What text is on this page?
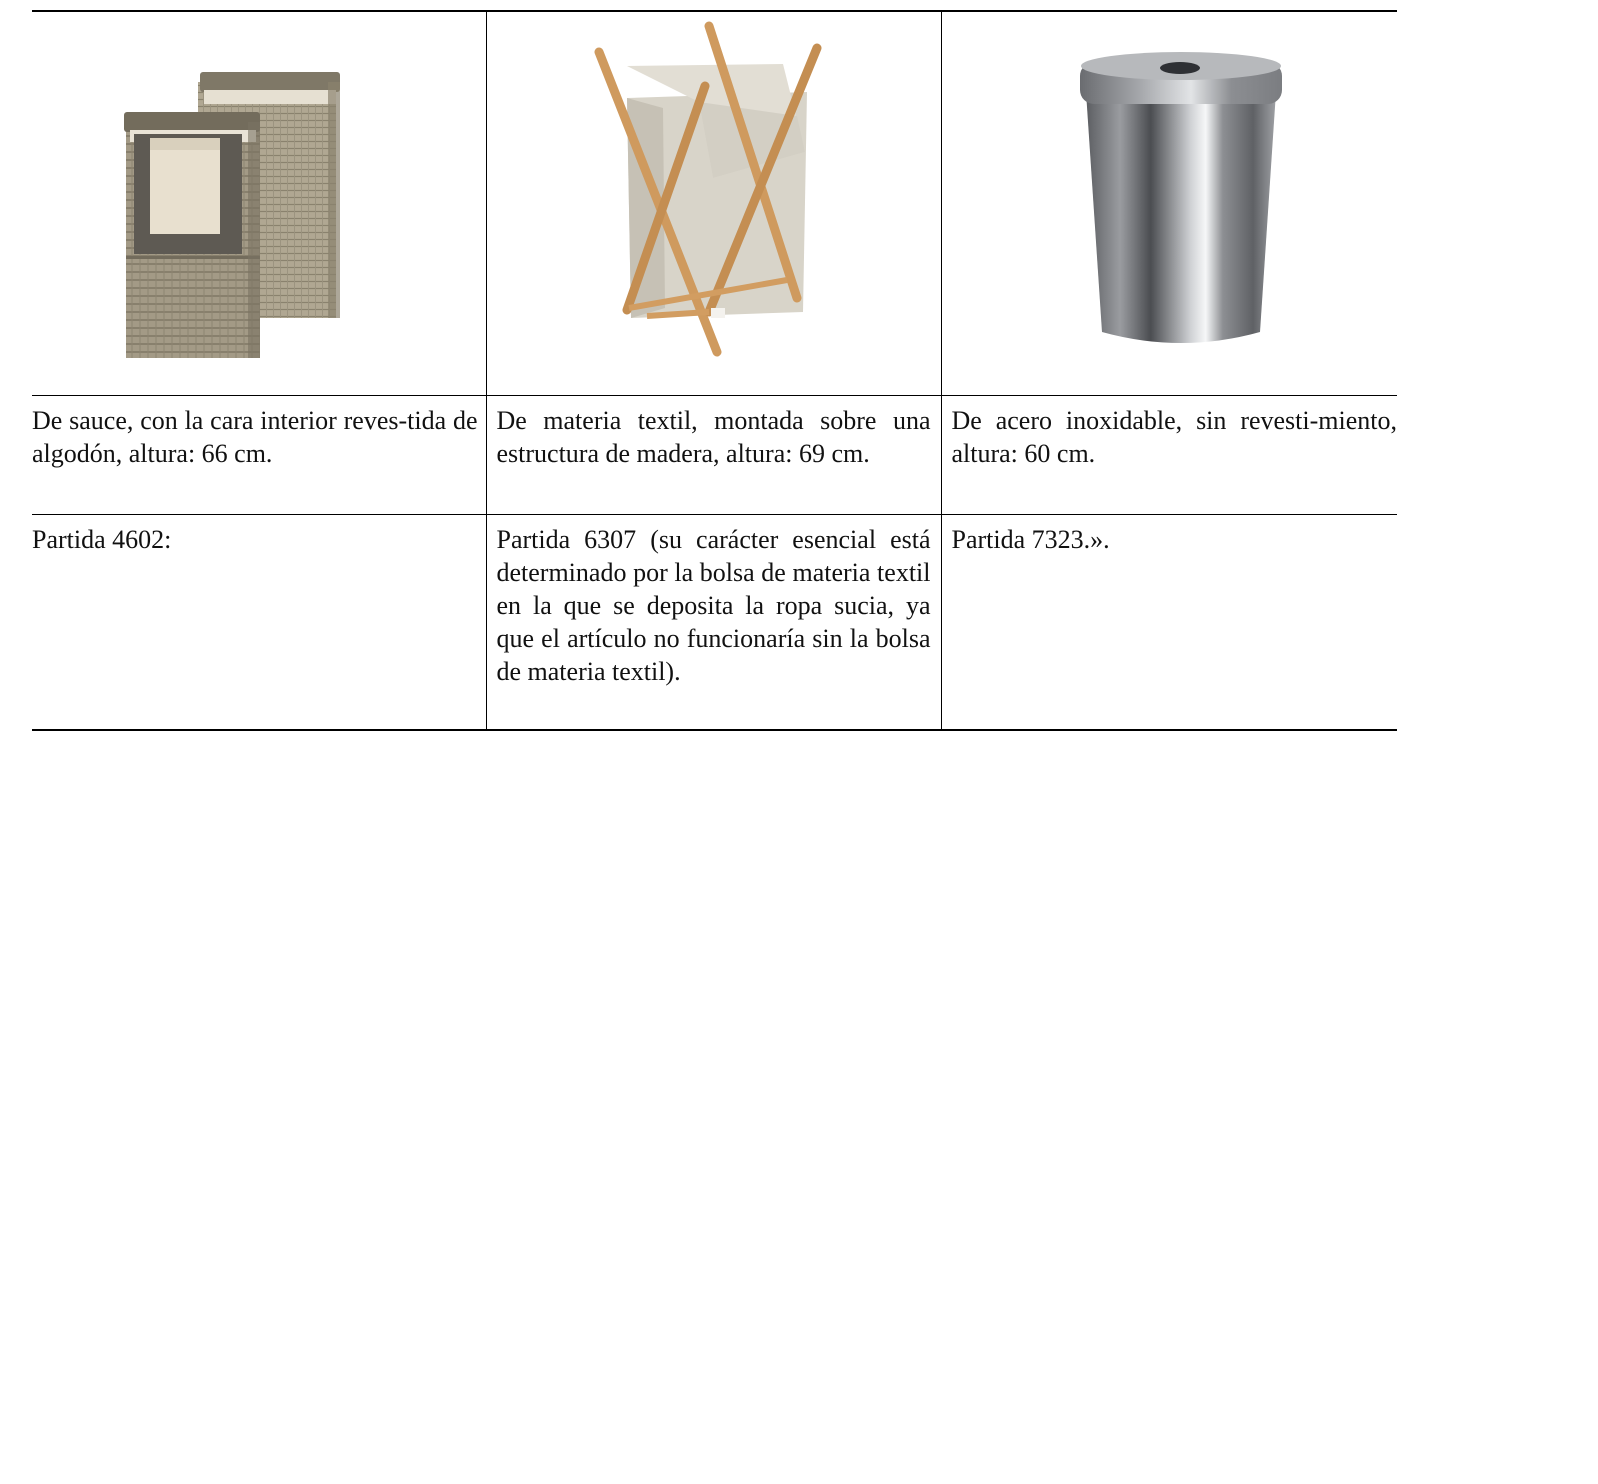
De sauce, con la cara interior reves-tida de algodón, altura: 66 cm.	De materia textil, montada sobre una estructura de madera, altura: 69 cm.	De acero inoxidable, sin revesti-miento, altura: 60 cm.
Partida 4602:	Partida 6307 (su carácter esencial está determinado por la bolsa de materia textil en la que se deposita la ropa sucia, ya que el artículo no funcionaría sin la bolsa de materia textil).	Partida 7323.».
